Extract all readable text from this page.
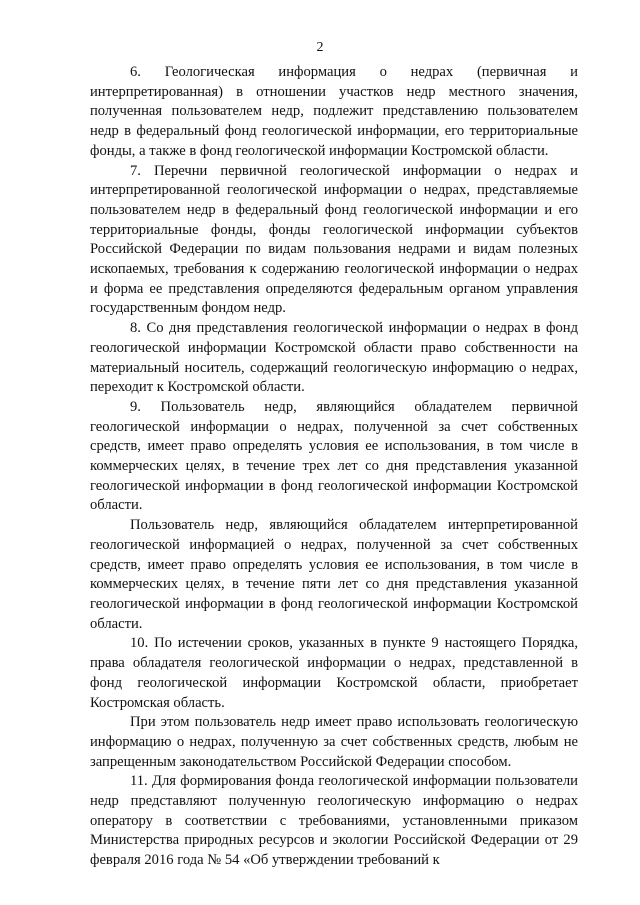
2

6. Геологическая информация о недрах (первичная и интерпретированная) в отношении участков недр местного значения, полученная пользователем недр, подлежит представлению пользователем недр в федеральный фонд геологической информации, его территориальные фонды, а также в фонд геологической информации Костромской области.

7. Перечни первичной геологической информации о недрах и интерпретированной геологической информации о недрах, представляемые пользователем недр в федеральный фонд геологической информации и его территориальные фонды, фонды геологической информации субъектов Российской Федерации по видам пользования недрами и видам полезных ископаемых, требования к содержанию геологической информации о недрах и форма ее представления определяются федеральным органом управления государственным фондом недр.

8. Со дня представления геологической информации о недрах в фонд геологической информации Костромской области право собственности на материальный носитель, содержащий геологическую информацию о недрах, переходит к Костромской области.

9. Пользователь недр, являющийся обладателем первичной геологической информации о недрах, полученной за счет собственных средств, имеет право определять условия ее использования, в том числе в коммерческих целях, в течение трех лет со дня представления указанной геологической информации в фонд геологической информации Костромской области.

Пользователь недр, являющийся обладателем интерпретированной геологической информацией о недрах, полученной за счет собственных средств, имеет право определять условия ее использования, в том числе в коммерческих целях, в течение пяти лет со дня представления указанной геологической информации в фонд геологической информации Костромской области.

10. По истечении сроков, указанных в пункте 9 настоящего Порядка, права обладателя геологической информации о недрах, представленной в фонд геологической информации Костромской области, приобретает Костромская область.

При этом пользователь недр имеет право использовать геологическую информацию о недрах, полученную за счет собственных средств, любым не запрещенным законодательством Российской Федерации способом.

11. Для формирования фонда геологической информации пользователи недр представляют полученную геологическую информацию о недрах оператору в соответствии с требованиями, установленными приказом Министерства природных ресурсов и экологии Российской Федерации от 29 февраля 2016 года № 54 «Об утверждении требований к
